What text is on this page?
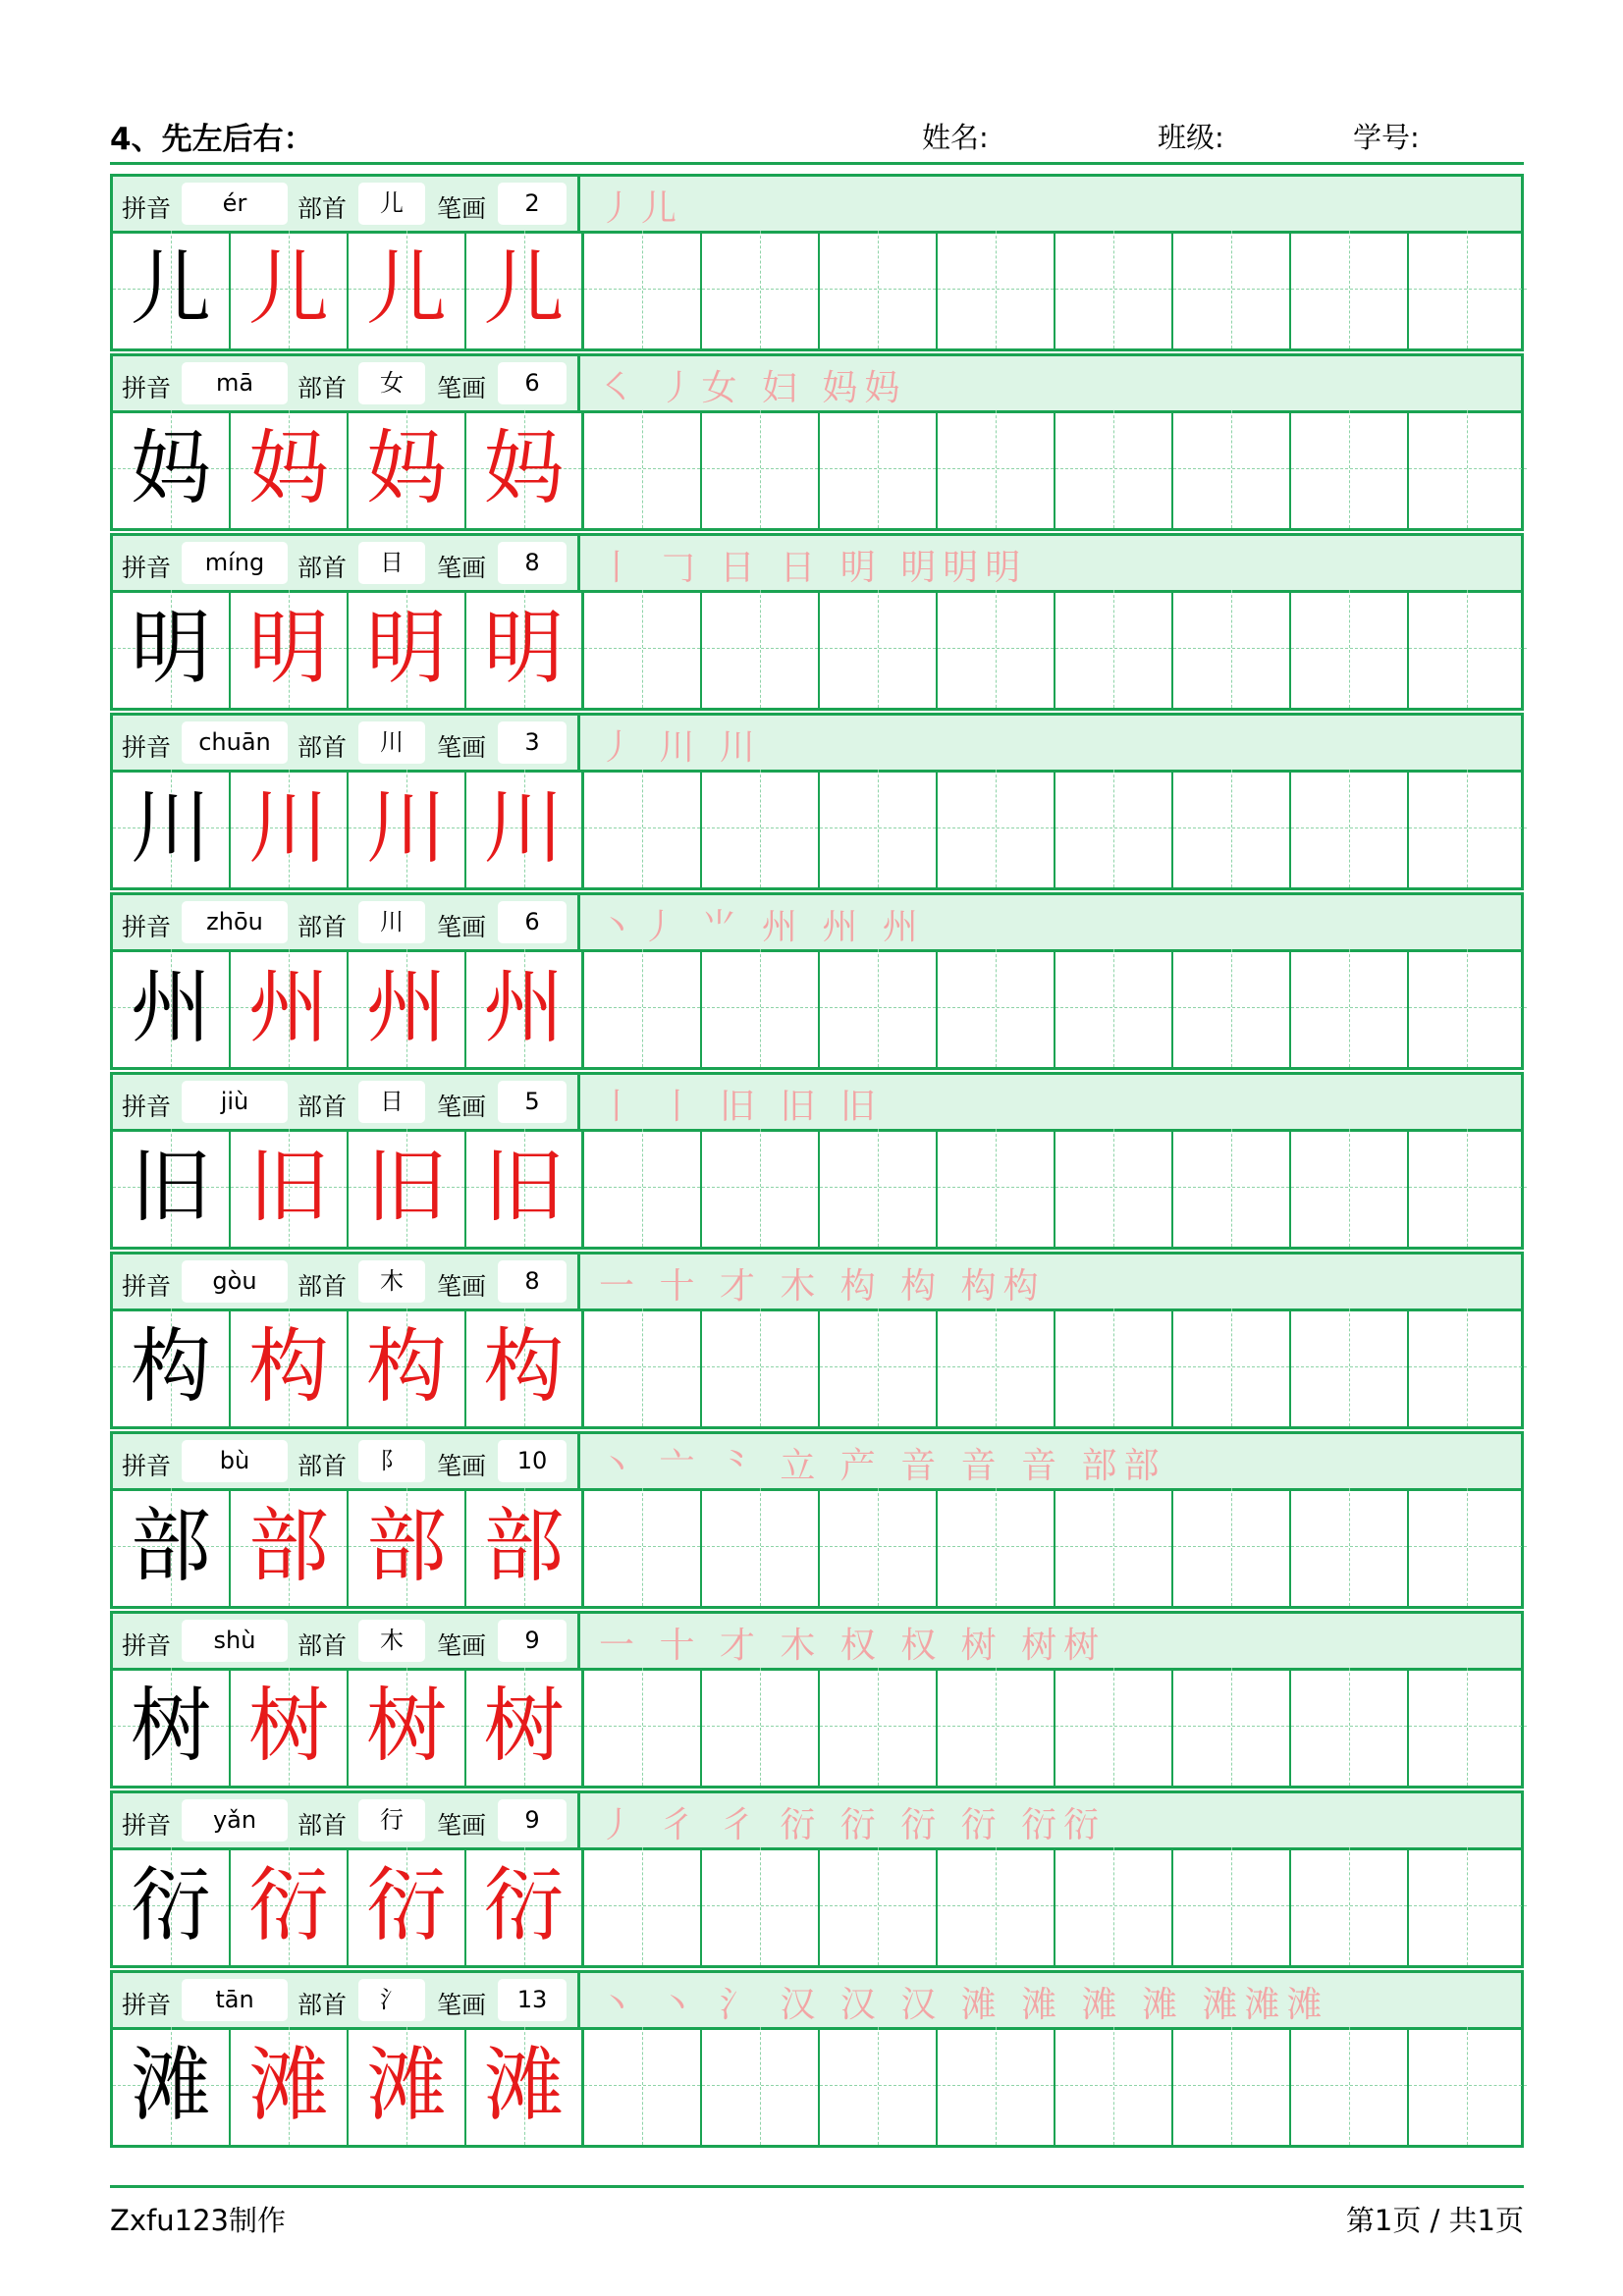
4、先左后右：	姓名:	班级:	学号:
拼音	ér	部首	儿	笔画	2	丿儿
儿 儿 儿 儿
拼音	mā	部首	女	笔画	6	㇛ 丿女 妇 妈妈
妈 妈 妈 妈
拼音	míng	部首	日	笔画	8	丨 𠃌 日 日 明 明明明
明 明 明 明
拼音	chuān	部首	川	笔画	3	丿 川 川
川 川 川 川
拼音	zhōu	部首	川	笔画	6	丶丿 ⺌ 州 州 州
州 州 州 州
拼音	jiù	部首	日	笔画	5	丨 丨 旧 旧 旧
旧 旧 旧 旧
拼音	gòu	部首	木	笔画	8	一 十 才 木 构 构 构构
构 构 构 构
拼音	bù	部首	阝	笔画	10	丶 亠 ⺀ 立 产 音 音 音 部部
部 部 部 部
拼音	shù	部首	木	笔画	9	一 十 才 木 权 权 树 树树
树 树 树 树
拼音	yǎn	部首	行	笔画	9	丿 彳 彳 衍 衍 衍 衍 衍衍
衍 衍 衍 衍
拼音	tān	部首	氵	笔画	13	丶 丶 氵 汉 汉 汉 滩 滩 滩 滩 滩滩滩
滩 滩 滩 滩
Zxfu123制作	第1页 / 共1页
